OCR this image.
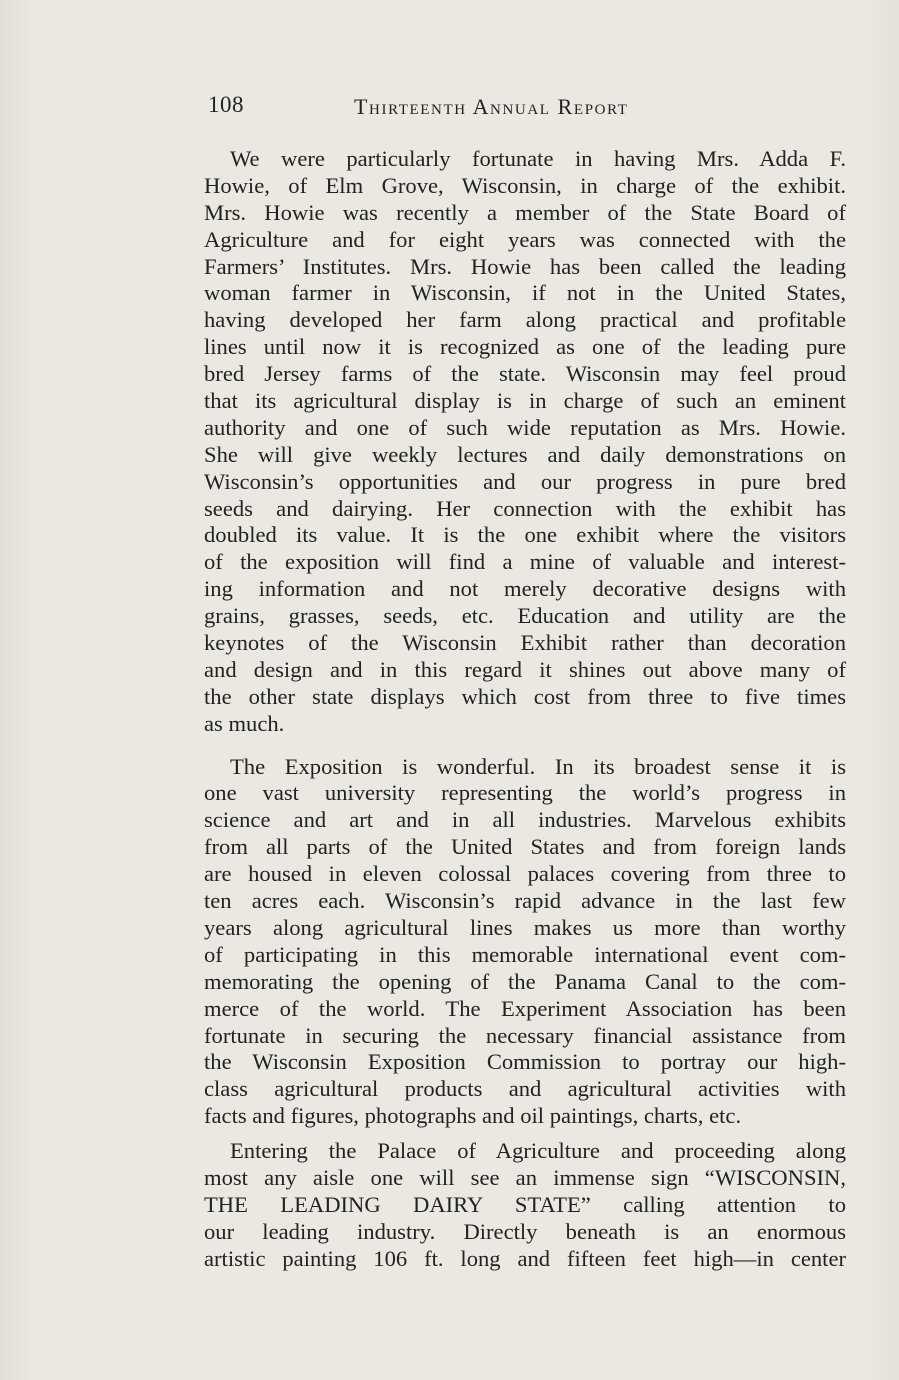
108	Thirteenth Annual Report
We were particularly fortunate in having Mrs. Adda F.
Howie, of Elm Grove, Wisconsin, in charge of the exhibit.
Mrs. Howie was recently a member of the State Board of
Agriculture and for eight years was connected with the
Farmers’ Institutes. Mrs. Howie has been called the leading
woman farmer in Wisconsin, if not in the United States,
having developed her farm along practical and profitable
lines until now it is recognized as one of the leading pure
bred Jersey farms of the state. Wisconsin may feel proud
that its agricultural display is in charge of such an eminent
authority and one of such wide reputation as Mrs. Howie.
She will give weekly lectures and daily demonstrations on
Wisconsin’s opportunities and our progress in pure bred
seeds and dairying. Her connection with the exhibit has
doubled its value. It is the one exhibit where the visitors
of the exposition will find a mine of valuable and interest-
ing information and not merely decorative designs with
grains, grasses, seeds, etc. Education and utility are the
keynotes of the Wisconsin Exhibit rather than decoration
and design and in this regard it shines out above many of
the other state displays which cost from three to five times
as much.
The Exposition is wonderful. In its broadest sense it is
one vast university representing the world’s progress in
science and art and in all industries. Marvelous exhibits
from all parts of the United States and from foreign lands
are housed in eleven colossal palaces covering from three to
ten acres each. Wisconsin’s rapid advance in the last few
years along agricultural lines makes us more than worthy
of participating in this memorable international event com-
memorating the opening of the Panama Canal to the com-
merce of the world. The Experiment Association has been
fortunate in securing the necessary financial assistance from
the Wisconsin Exposition Commission to portray our high-
class agricultural products and agricultural activities with
facts and figures, photographs and oil paintings, charts, etc.
Entering the Palace of Agriculture and proceeding along
most any aisle one will see an immense sign “WISCONSIN,
THE LEADING DAIRY STATE” calling attention to
our leading industry. Directly beneath is an enormous
artistic painting 106 ft. long and fifteen feet high—in center
